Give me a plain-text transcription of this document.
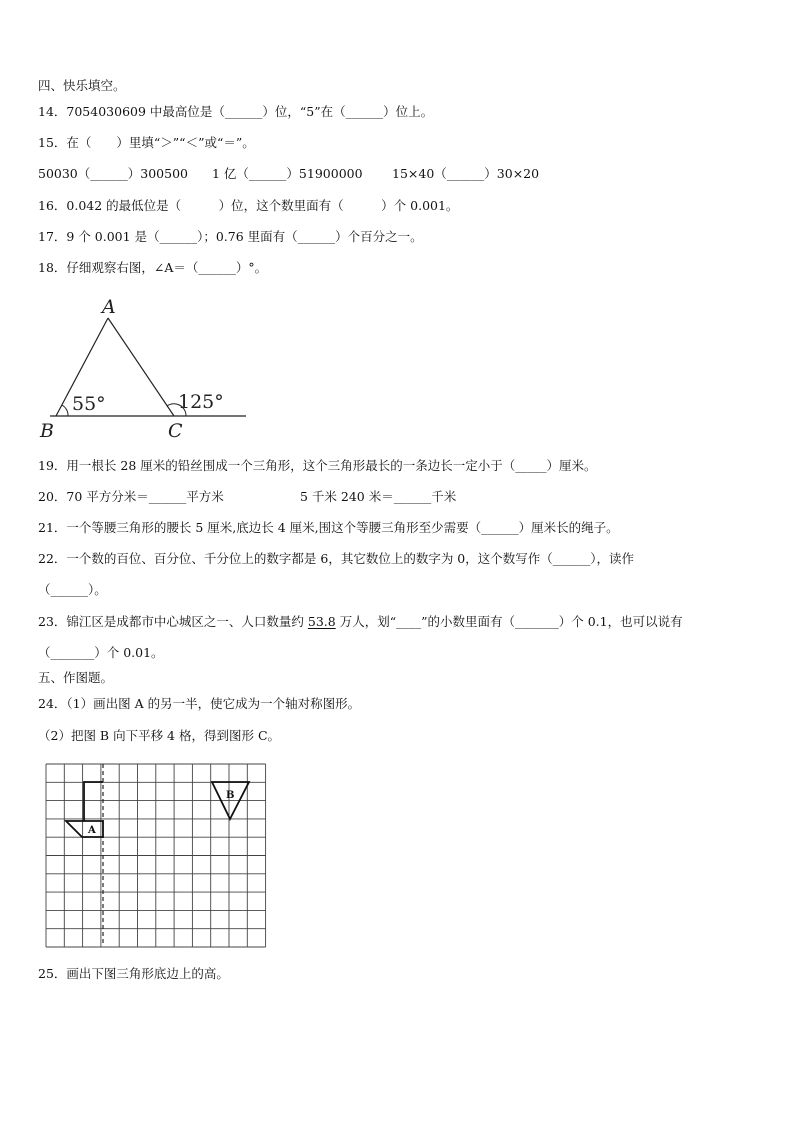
四、快乐填空。
14．7054030609 中最高位是（______）位，“5”在（______）位上。
15．在（　　）里填“＞”“＜”或“＝”。
50030（______）300500 1 亿（______）51900000 15×40（______）30×20
16．0.042 的最低位是（　　　）位，这个数里面有（　　　）个 0.001。
17．9 个 0.001 是（______）；0.76 里面有（______）个百分之一。
18．仔细观察右图，∠A＝（______）°。
A
B	C
55°	125°
19．用一根长 28 厘米的铅丝围成一个三角形，这个三角形最长的一条边长一定小于（_____）厘米。
20．70 平方分米＝______平方米	5 千米 240 米＝______千米
21．一个等腰三角形的腰长 5 厘米,底边长 4 厘米,围这个等腰三角形至少需要（______）厘米长的绳子。
22．一个数的百位、百分位、千分位上的数字都是 6，其它数位上的数字为 0，这个数写作（______），读作
（______）。
23．锦江区是成都市中心城区之一、人口数量约 53.8 万人，划“____”的小数里面有（_______）个 0.1，也可以说有
（_______）个 0.01。
五、作图题。
24．（1）画出图 A 的另一半，使它成为一个轴对称图形。
（2）把图 B 向下平移 4 格，得到图形 C。
A
B
25．画出下图三角形底边上的高。
